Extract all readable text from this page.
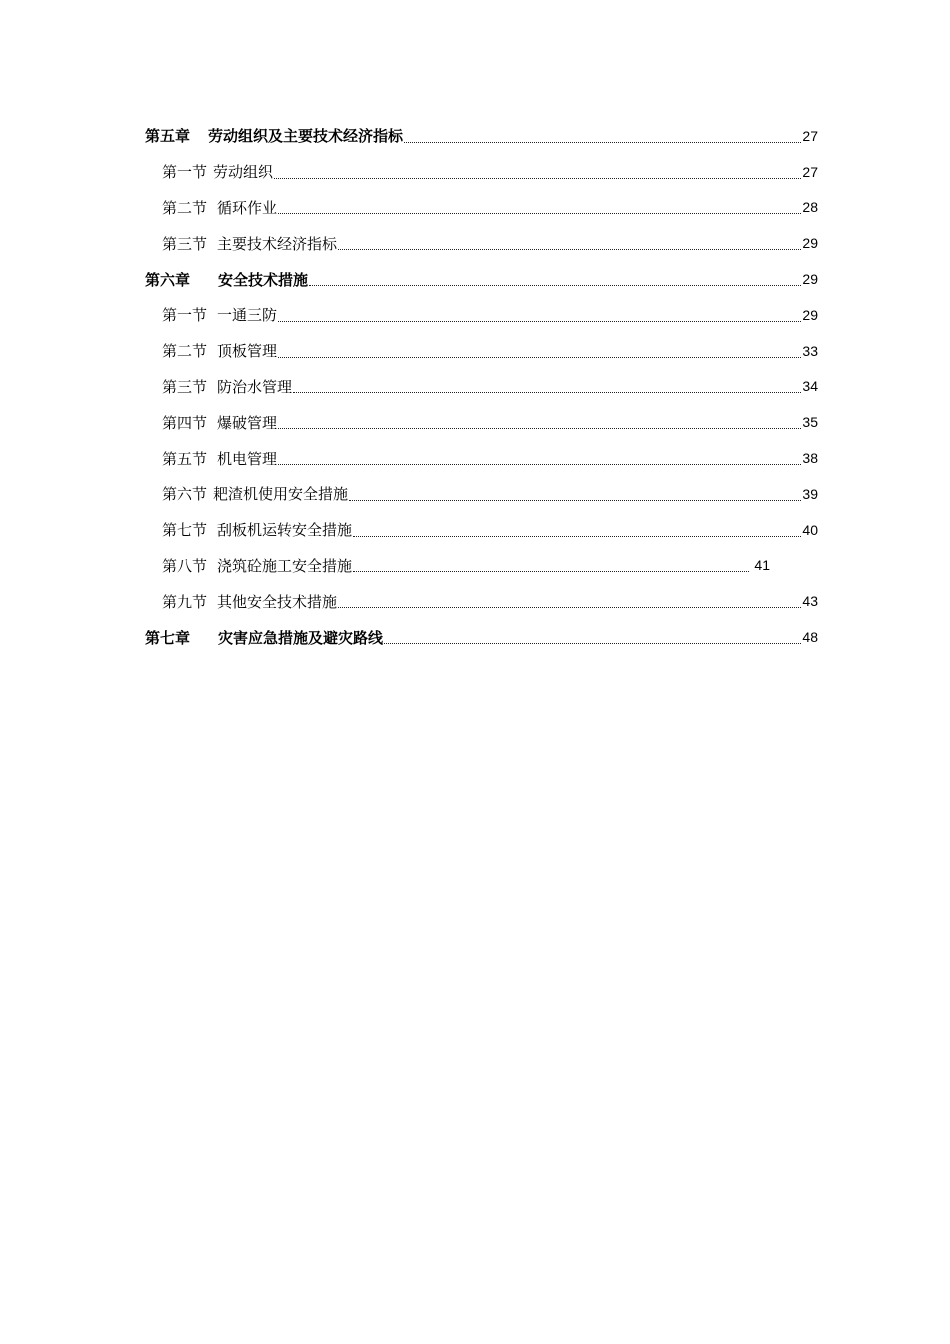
第五章 劳动组织及主要技术经济指标	27
第一节 劳动组织	27
第二节 循环作业	28
第三节 主要技术经济指标	29
第六章 安全技术措施	29
第一节 一通三防	29
第二节 顶板管理	33
第三节 防治水管理	34
第四节 爆破管理	35
第五节 机电管理	38
第六节 耙渣机使用安全措施	39
第七节 刮板机运转安全措施	40
第八节 浇筑砼施工安全措施	41
第九节 其他安全技术措施	43
第七章 灾害应急措施及避灾路线	48
